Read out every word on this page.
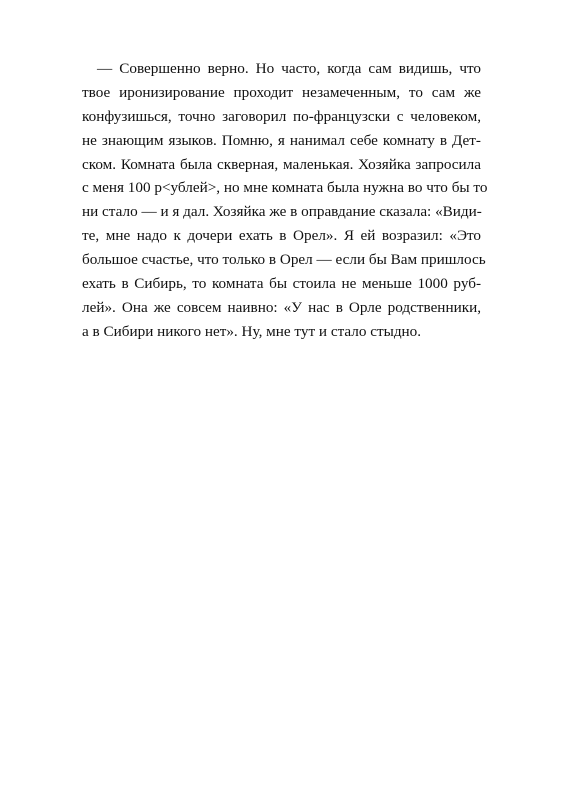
— Совершенно верно. Но часто, когда сам видишь, что
твое иронизирование проходит незамеченным, то сам же
конфузишься, точно заговорил по-французски с человеком,
не знающим языков. Помню, я нанимал себе комнату в Дет-
ском. Комната была скверная, маленькая. Хозяйка запросила
с меня 100 р<ублей>, но мне комната была нужна во что бы то
ни стало — и я дал. Хозяйка же в оправдание сказала: «Види-
те, мне надо к дочери ехать в Орел». Я ей возразил: «Это
большое счастье, что только в Орел — если бы Вам пришлось
ехать в Сибирь, то комната бы стоила не меньше 1000 руб-
лей». Она же совсем наивно: «У нас в Орле родственники,
а в Сибири никого нет». Ну, мне тут и стало стыдно.
